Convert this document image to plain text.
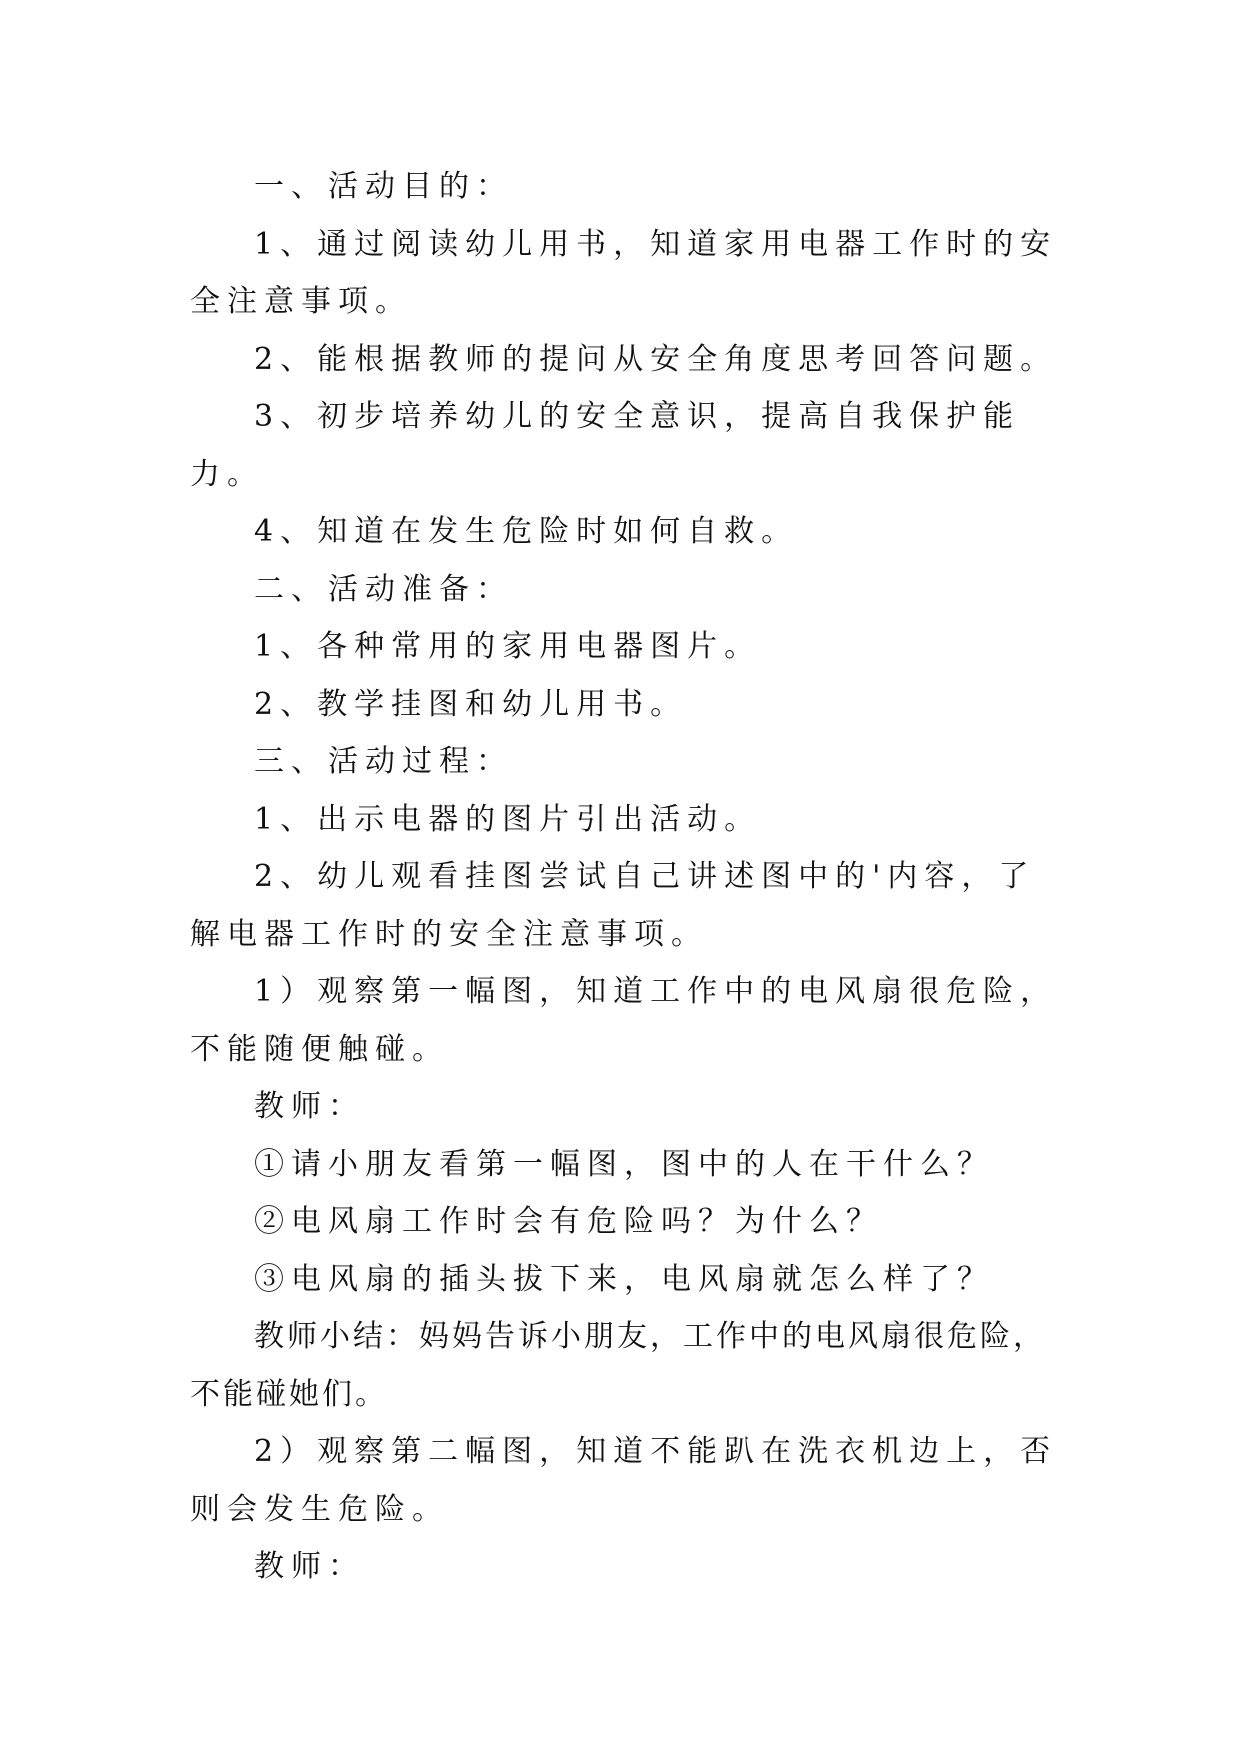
一、活动目的：

1、通过阅读幼儿用书，知道家用电器工作时的安全注意事项。

2、能根据教师的提问从安全角度思考回答问题。

3、初步培养幼儿的安全意识，提高自我保护能力。

4、知道在发生危险时如何自救。

二、活动准备：

1、各种常用的家用电器图片。

2、教学挂图和幼儿用书。

三、活动过程：

1、出示电器的图片引出活动。

2、幼儿观看挂图尝试自己讲述图中的'内容，了解电器工作时的安全注意事项。

1）观察第一幅图，知道工作中的电风扇很危险，不能随便触碰。

教师：

①请小朋友看第一幅图，图中的人在干什么？

②电风扇工作时会有危险吗？为什么？

③电风扇的插头拔下来，电风扇就怎么样了？

教师小结：妈妈告诉小朋友，工作中的电风扇很危险，不能碰她们。

2）观察第二幅图，知道不能趴在洗衣机边上，否则会发生危险。

教师：
